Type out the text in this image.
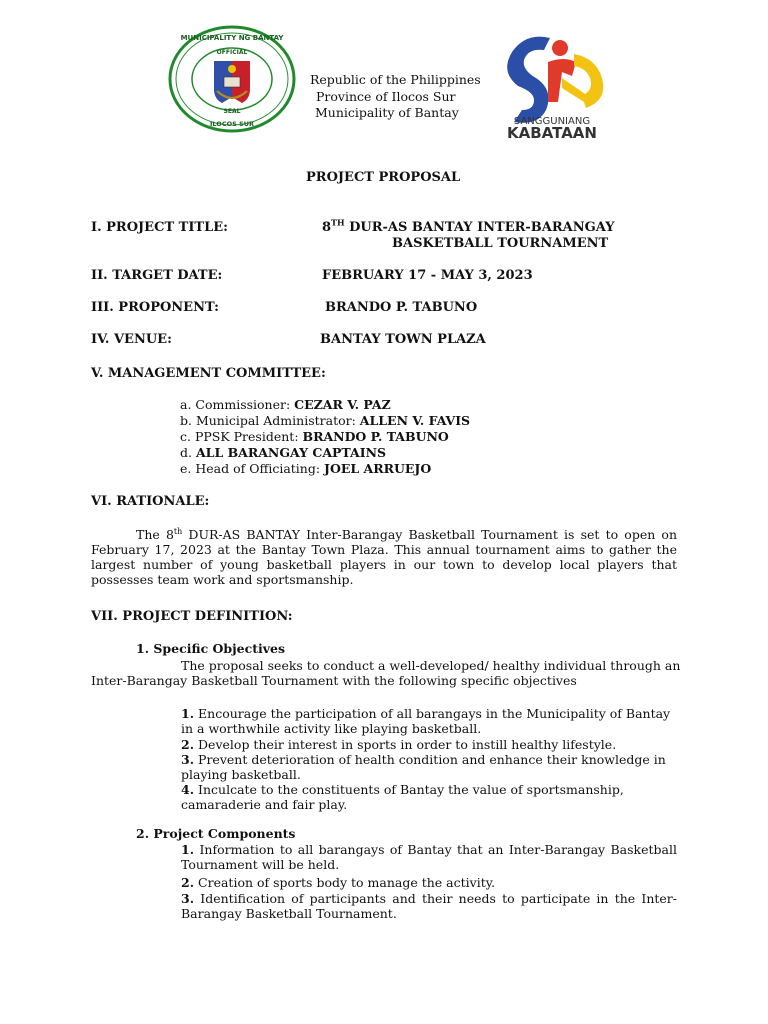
MUNICIPALITY NG BANTAY
OFFICIAL
SEAL
ILOCOS SUR
Republic of the Philippines
Province of Ilocos Sur
Municipality of Bantay
SANGGUNIANG
KABATAAN
PROJECT PROPOSAL
I. PROJECT TITLE:	8TH DUR-AS BANTAY INTER-BARANGAY
BASKETBALL TOURNAMENT
II. TARGET DATE:	FEBRUARY 17 - MAY 3, 2023
III. PROPONENT:	BRANDO P. TABUNO
IV. VENUE:	BANTAY TOWN PLAZA
V. MANAGEMENT COMMITTEE:
a. Commissioner: CEZAR V. PAZ
b. Municipal Administrator: ALLEN V. FAVIS
c. PPSK President: BRANDO P. TABUNO
d. ALL BARANGAY CAPTAINS
e. Head of Officiating: JOEL ARRUEJO
VI. RATIONALE:
The 8th DUR-AS BANTAY Inter-Barangay Basketball Tournament is set to open on February 17, 2023 at the Bantay Town Plaza. This annual tournament aims to gather the largest number of young basketball players in our town to develop local players that possesses team work and sportsmanship.
VII. PROJECT DEFINITION:
1. Specific Objectives
The proposal seeks to conduct a well-developed/ healthy individual through an Inter-Barangay Basketball Tournament with the following specific objectives
1. Encourage the participation of all barangays in the Municipality of Bantay in a worthwhile activity like playing basketball.
2. Develop their interest in sports in order to instill healthy lifestyle.
3. Prevent deterioration of health condition and enhance their knowledge in playing basketball.
4. Inculcate to the constituents of Bantay the value of sportsmanship, camaraderie and fair play.
2. Project Components
1. Information to all barangays of Bantay that an Inter-Barangay Basketball Tournament will be held.
2. Creation of sports body to manage the activity.
3. Identification of participants and their needs to participate in the Inter-Barangay Basketball Tournament.
